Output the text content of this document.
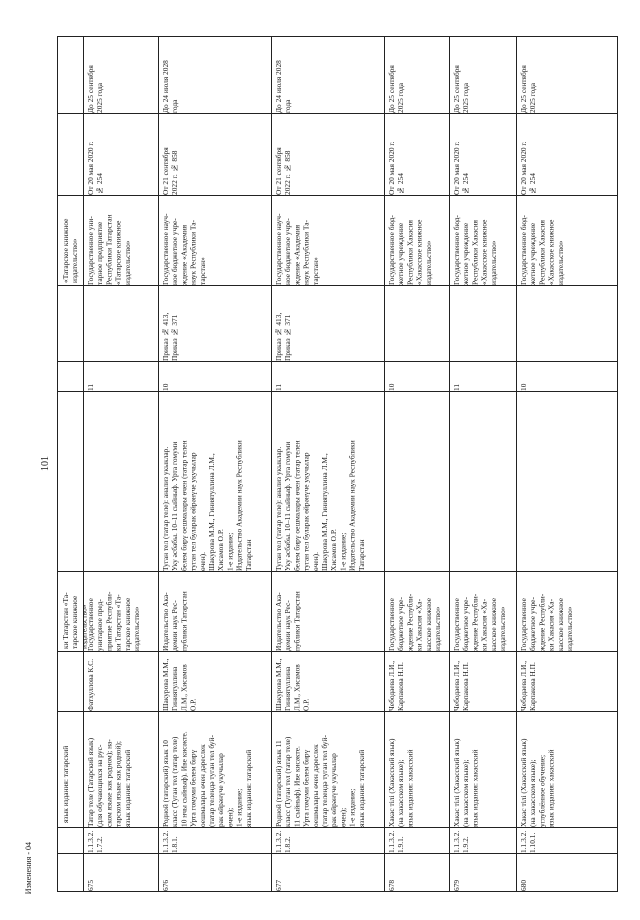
101
Изменения - 04
язык издания: татарский
ки Татарстан «Та-
тарское книжное
издательство»
«Татарское книжное
издательство»
675
1.1.3.2.
1.7.2.
Татар теле (Татарский язык)
(для обучающихся на рус-
ском языке как родном); на-
тарском языке как родной);
язык издания: татарский
Фатхуллова К.С.
Государственное
унитарное пред-
приятие Республи-
ки Татарстан «Та-
тарское книжное
издательство»
11
Государственное уни-
тарное предприятие
Республики Татарстан
«Татарское книжное
издательство»
От 20 мая 2020 г.
№ 254
До 25 сентября
2025 года
676
1.1.3.2.
1.8.1.
Родной (татарский) язык 10
класс (Туган тел (татар теле)
10 нчы сыйныф). Иве кисәкте.
Урта гомуми белем бирү
оешмалары өчен дәреслек
(татар телендә туган тел буй-
рак өйрәнүче укучылар
өчен);
1-е издание;
язык издания: татарский
Шакурова М.М.,
Гиниятуллина
Л.М., Хисамов
О.Р.
Издательство Ака-
демии наук Рес-
публики Татарстан
Туган тел (татар теле): анализ укыклар.
Уку әсбабы. 10–11 сыйныф. Урта гомуми
белем бирү оешмалары өчен (татар телен
туган тел буларак өйрәнүче укучылар
өчен).
Шакурова М.М., Гиниятуллина Л.М.,
Хисамов О.Р.
1-е издание;
Издательство Академии наук Республики
Татарстан
10
Приказ № 413,
Приказ № 371
Государственное науч-
ное бюджетное учре-
ждение «Академия
наук Республики Та-
тарстан»
От 21 сентября
2022 г. № 858
До 24 июля 2028
года
677
1.1.3.2.
1.8.2.
Родной (татарский) язык 11
класс (Туган тел (татар теле)
11 сыйныф). Иве кисәкте.
Урта гомуми белем бирү
оешмалары өчен дәреслек
(татар телендә туган тел буй-
рак өйрәнүче укучылар
өчен);
1-е издание;
язык издания: татарский
Шакурова М.М.,
Гиниятуллина
Л.М., Хисамов
О.Р.
Издательство Ака-
демии наук Рес-
публики Татарстан
Туган тел (татар теле): анализ укыклар.
Уку әсбабы. 10–11 сыйныф. Урта гомуми
белем бирү оешмалары өчен (татар телен
туган тел буларак өйрәнүче укучылар
өчен).
Шакурова М.М., Гиниятуллина Л.М.,
Хисамов О.Р.
1-е издание;
Издательство Академии наук Республики
Татарстан
11
Приказ № 413,
Приказ № 371
Государственное науч-
ное бюджетное учре-
ждение «Академия
наук Республики Та-
тарстан»
От 21 сентября
2022 г. № 858
До 24 июля 2028
года
678
1.1.3.2.
1.9.1.
Хакас тілі (Хакасский язык)
(на хакасском языке);
язык издания: хакасский
Чебодаева Л.И.,
Карпакова Н.П.
Государственное
бюджетное учре-
ждение Республи-
ки Хакасия «Ха-
касское книжное
издательство»
10
Государственное бюд-
жетное учреждение
Республики Хакасия
«Хакасское книжное
издательство»
От 20 мая 2020 г.
№ 254
До 25 сентября
2025 года
679
1.1.3.2.
1.9.2.
Хакас тілі (Хакасский язык)
(на хакасском языке);
язык издания: хакасский
Чебодаева Л.И.,
Карпакова Н.П.
Государственное
бюджетное учре-
ждение Республи-
ки Хакасия «Ха-
касское книжное
издательство»
11
Государственное бюд-
жетное учреждение
Республики Хакасия
«Хакасское книжное
издательство»
От 20 мая 2020 г.
№ 254
До 25 сентября
2025 года
680
1.1.3.2.
1.10.1.
Хакас тілі (Хакасский язык)
(на хакасском языке);
углублённое обучение;
язык издания: хакасский
Чебодаева Л.И.,
Карпакова Н.П.
Государственное
бюджетное учре-
ждение Республи-
ки Хакасия «Ха-
касское книжное
издательство»
10
Государственное бюд-
жетное учреждение
Республики Хакасия
«Хакасское книжное
издательство»
От 20 мая 2020 г.
№ 254
До 25 сентября
2025 года
